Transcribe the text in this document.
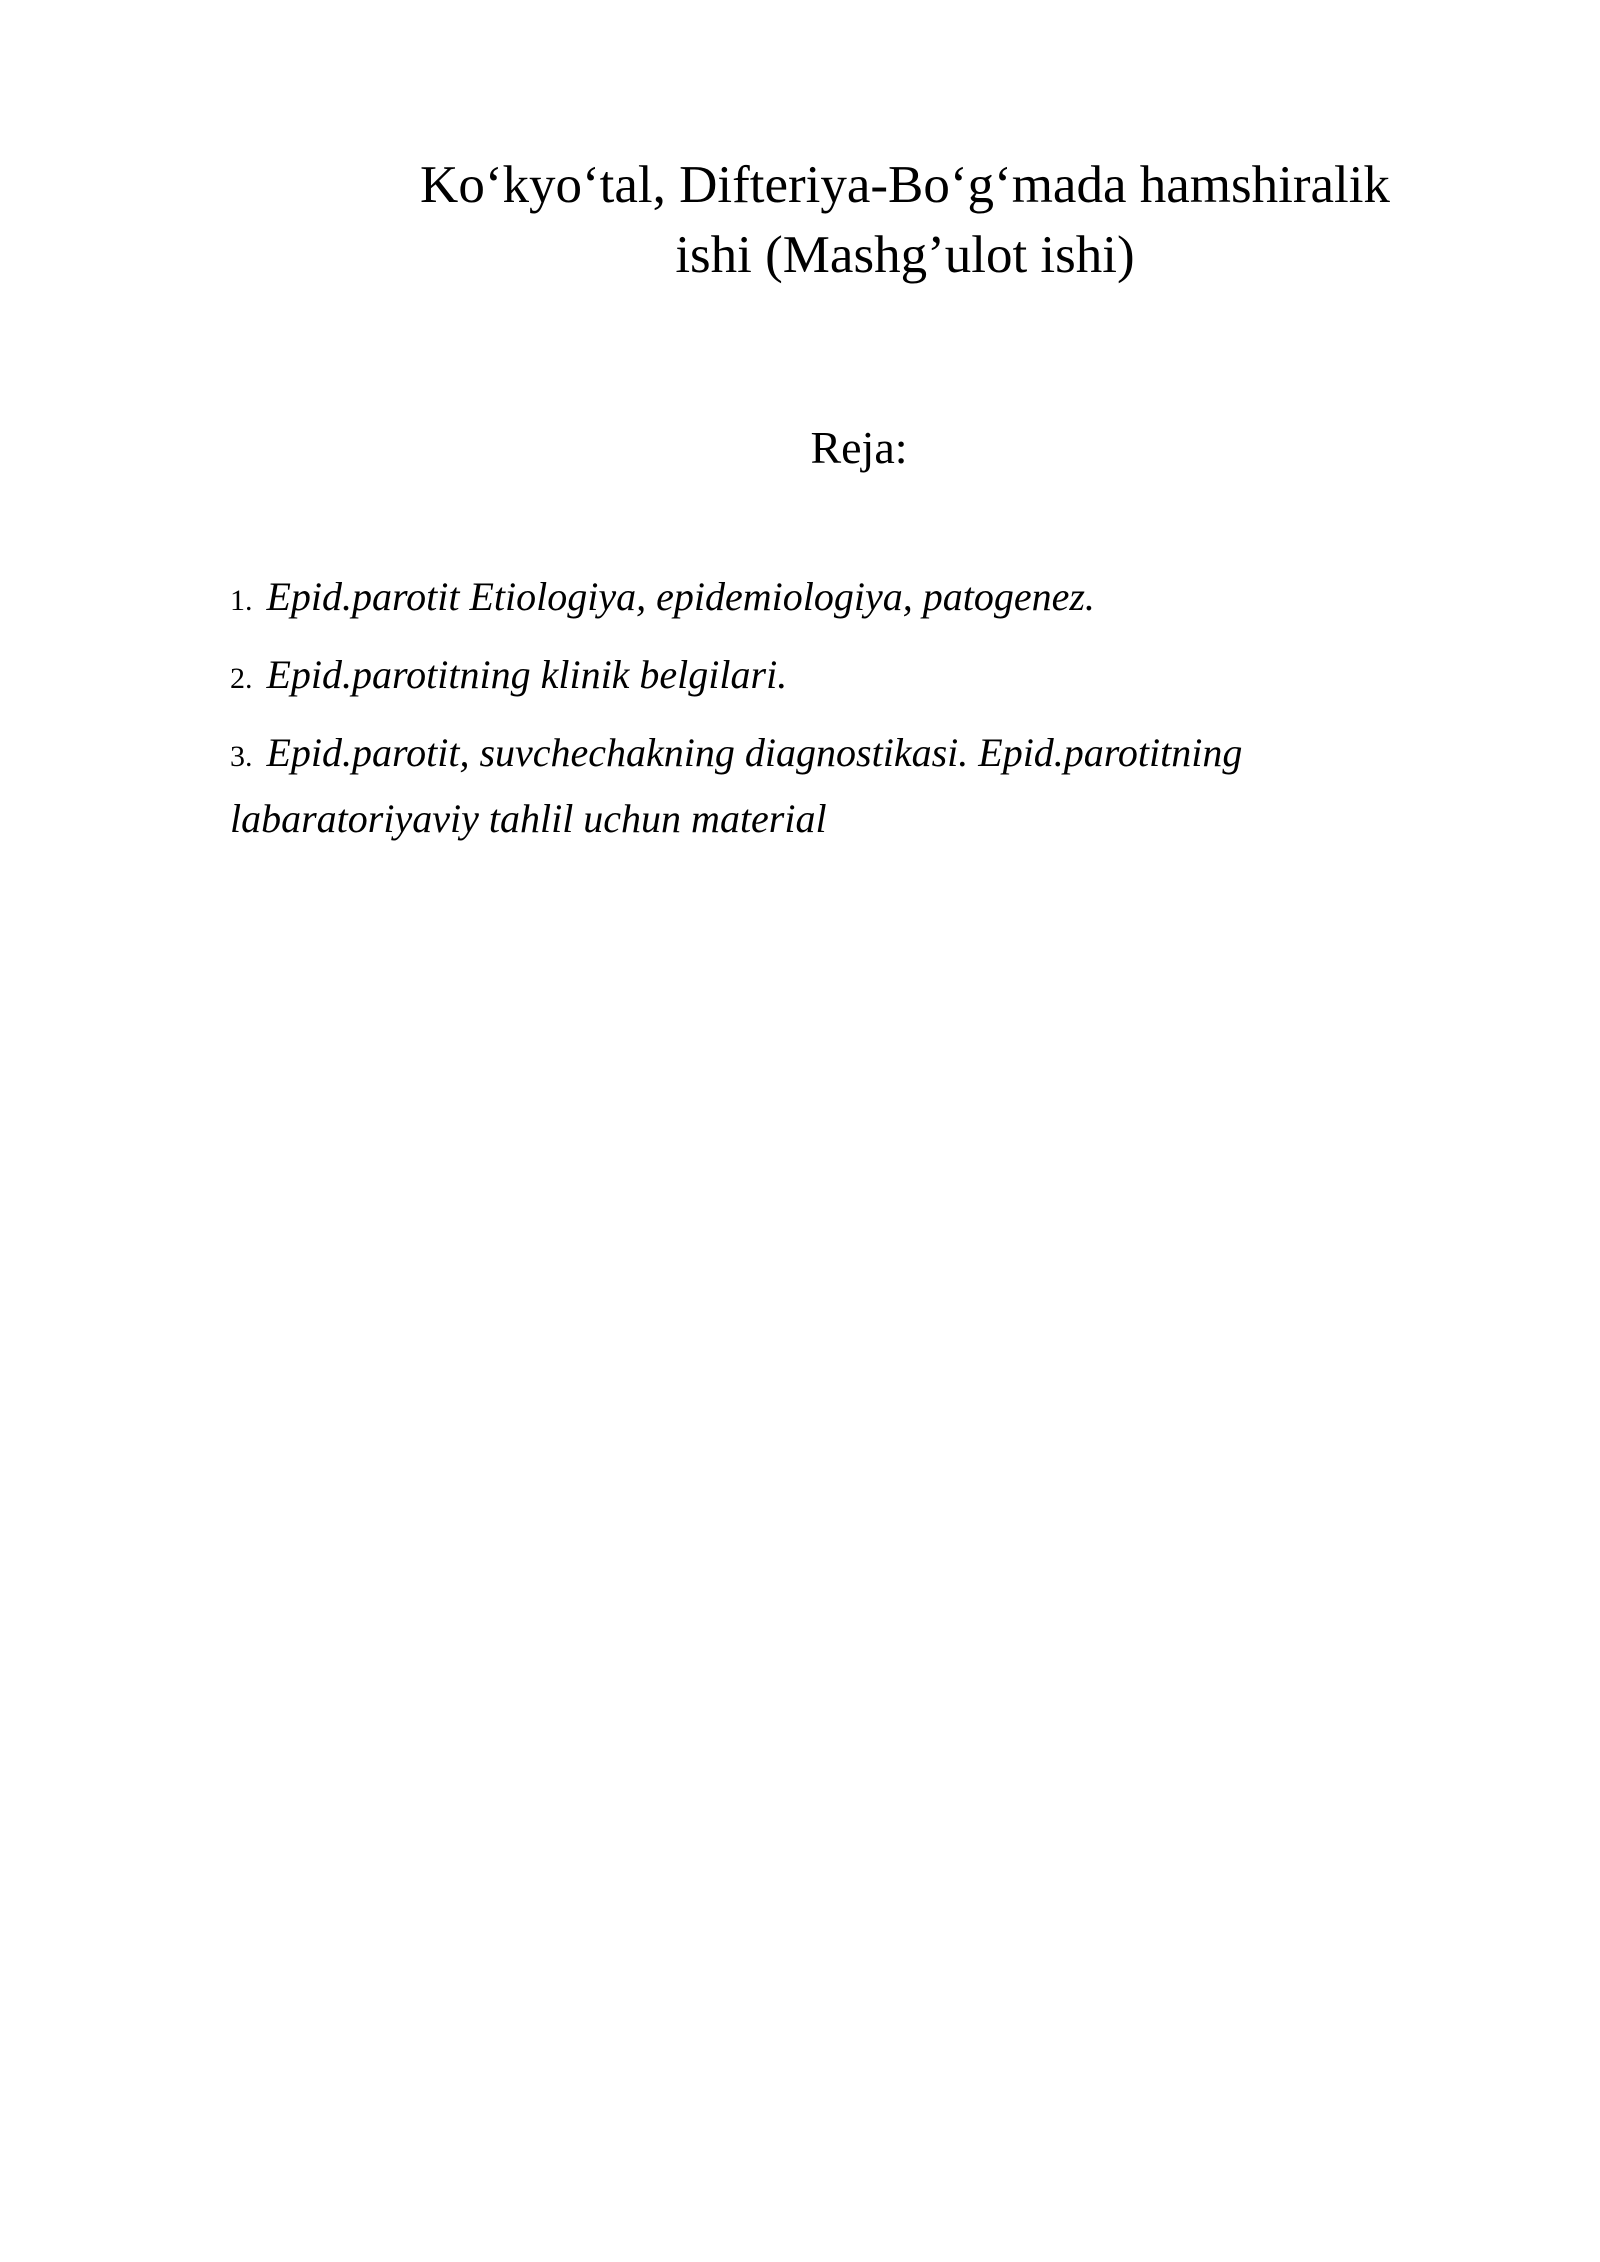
Ko‘kyo‘tal, Difteriya-Bo‘g‘mada hamshiralik
ishi (Mashg’ulot ishi)
Reja:
1. Epid.parotit Etiologiya, epidemiologiya, patogenez.
2. Epid.parotitning klinik belgilari.
3. Epid.parotit, suvchechakning diagnostikasi. Epid.parotitning

labaratoriyaviy tahlil uchun material
